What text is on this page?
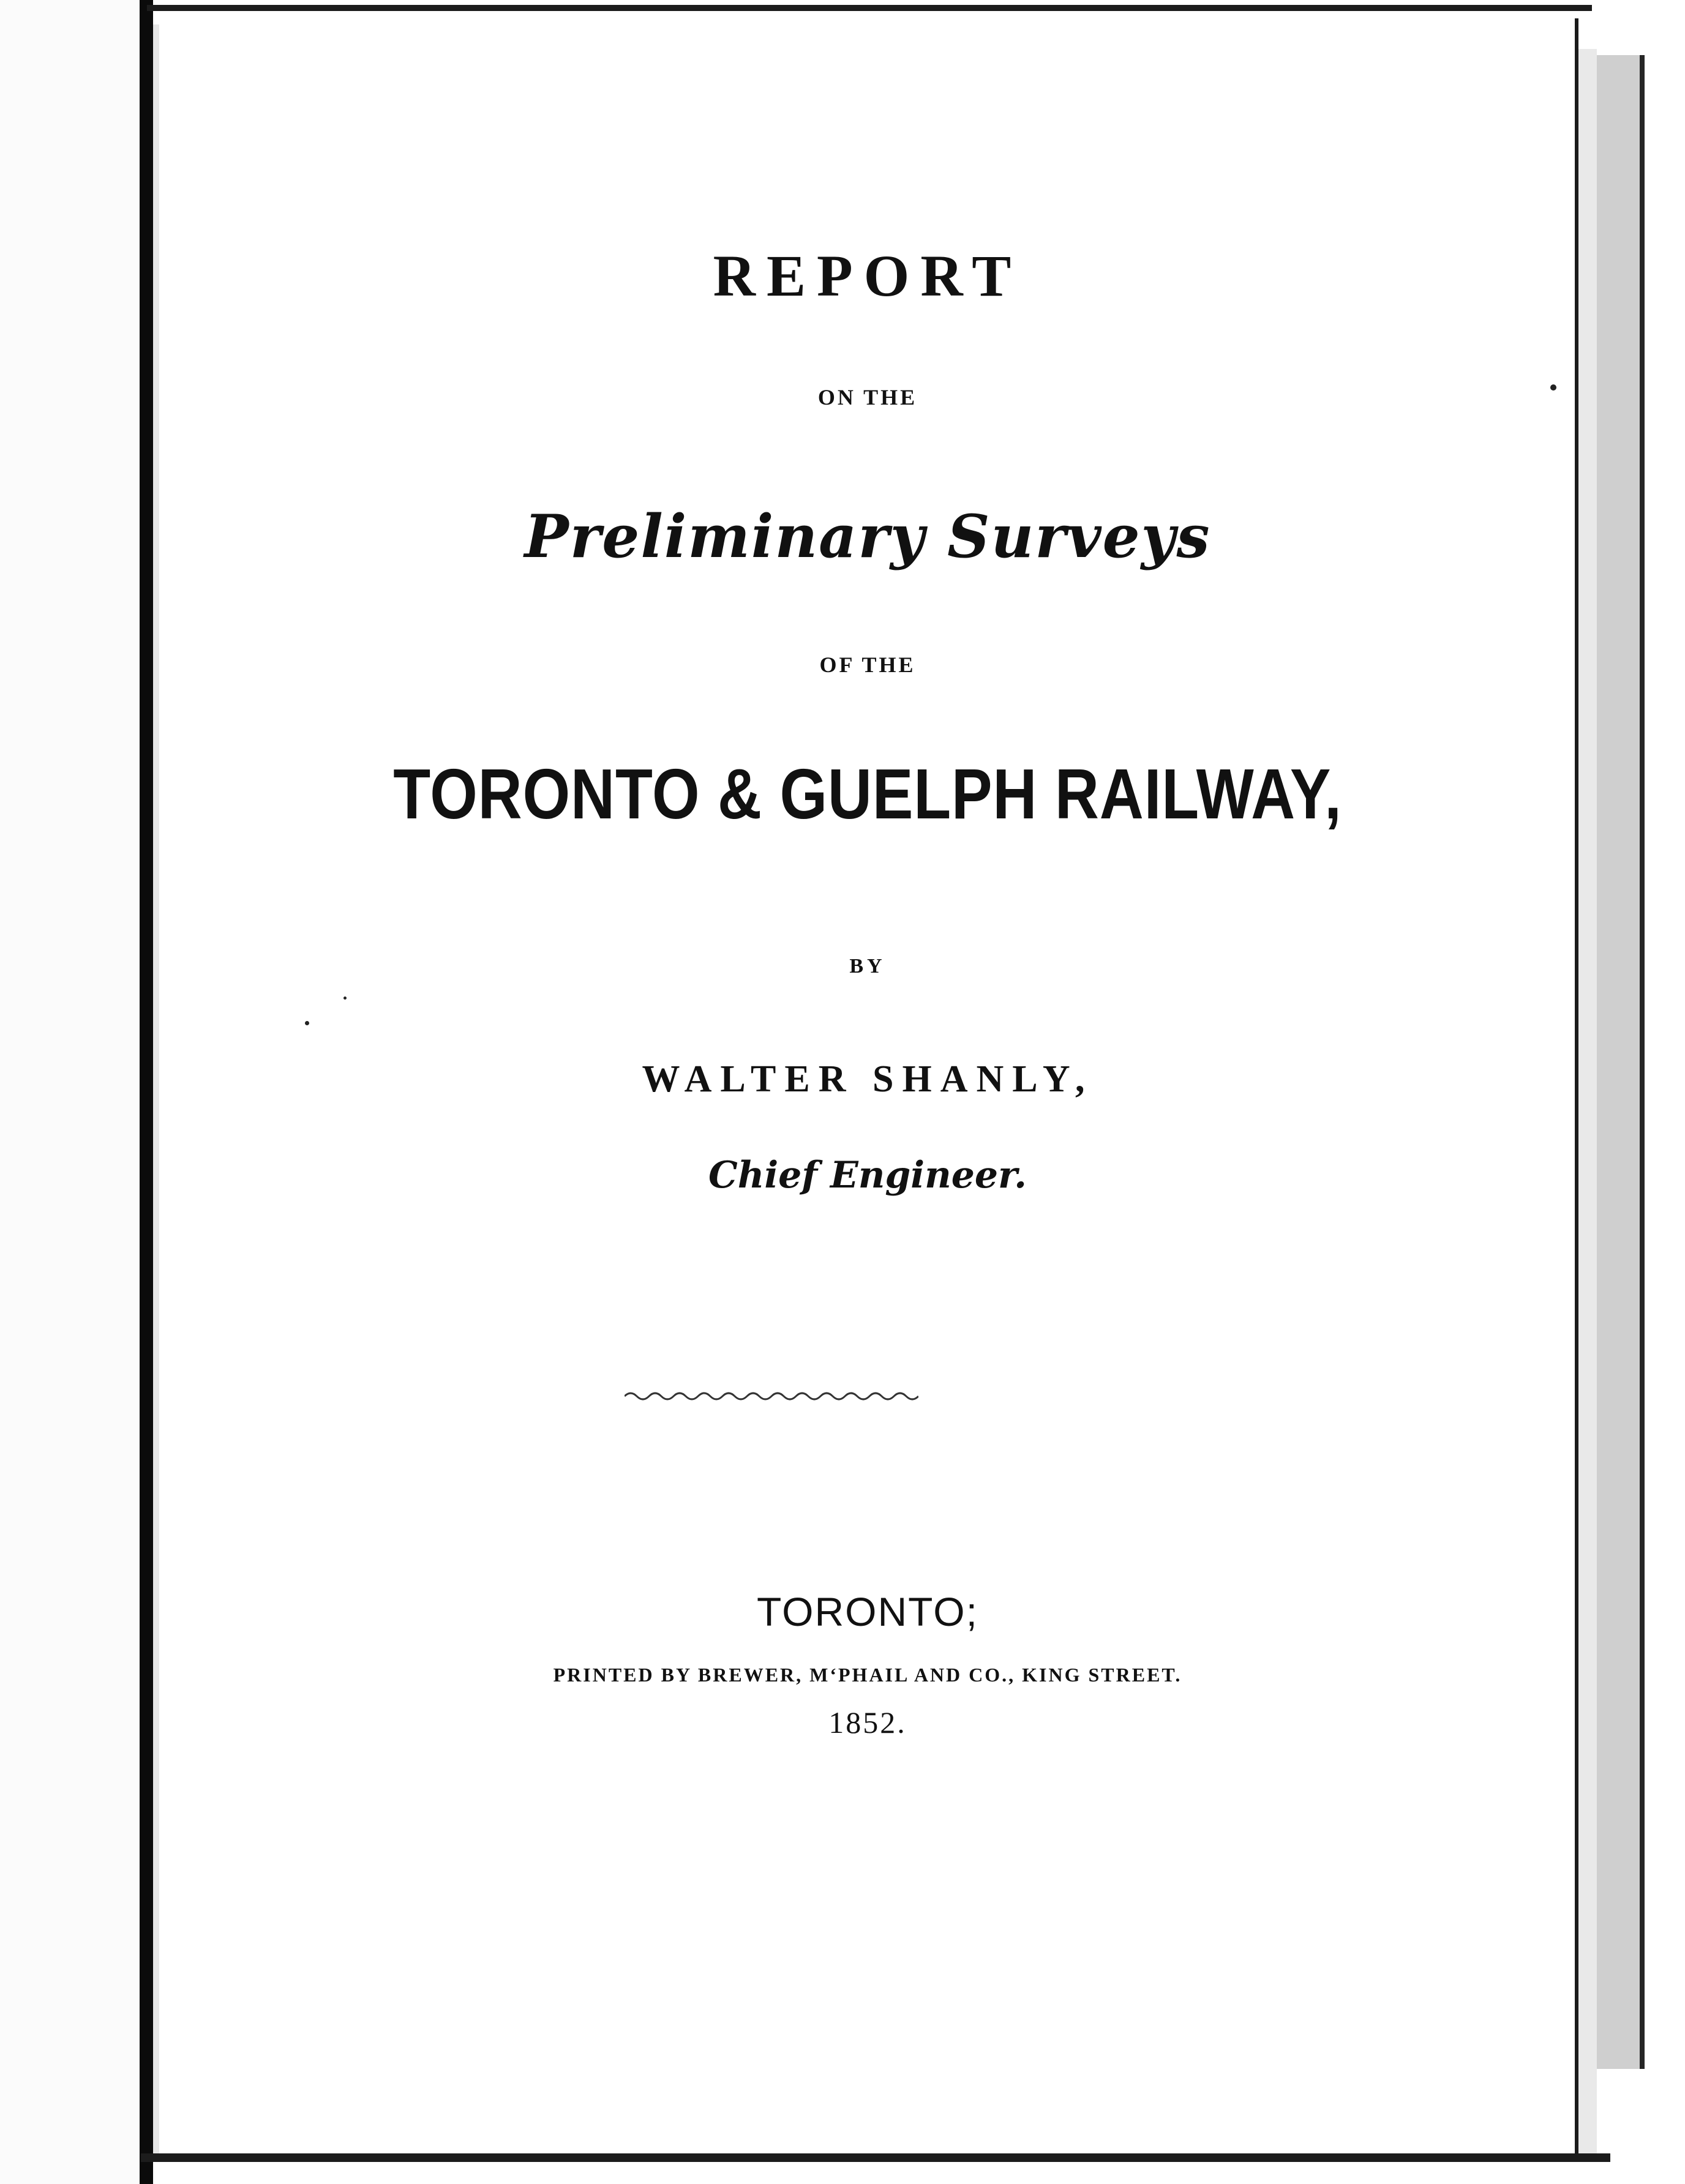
REPORT
ON THE
Preliminary Surveys
OF THE
TORONTO & GUELPH RAILWAY,
BY
WALTER SHANLY,
Chief Engineer.
TORONTO;
PRINTED BY BREWER, M‘PHAIL AND CO., KING STREET.
1852.
